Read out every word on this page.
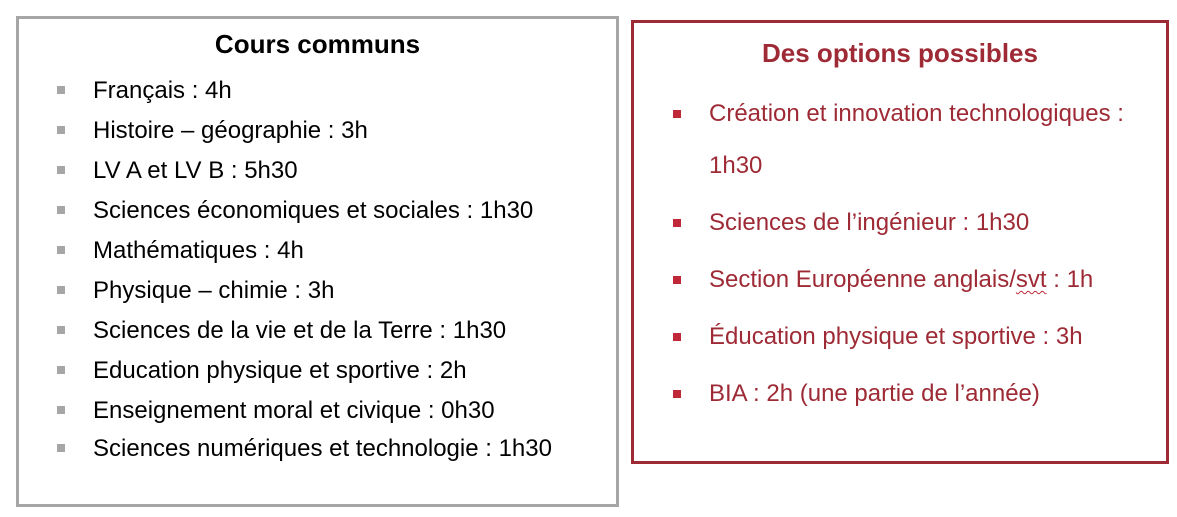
Cours communs
Français : 4h
Histoire – géographie : 3h
LV A et LV B : 5h30
Sciences économiques et sociales : 1h30
Mathématiques : 4h
Physique – chimie : 3h
Sciences de la vie et de la Terre : 1h30
Education physique et sportive : 2h
Enseignement moral et civique : 0h30
Sciences numériques et technologie : 1h30
Des options possibles
Création et innovation technologiques : 1h30
Sciences de l’ingénieur : 1h30
Section Européenne anglais/svt : 1h
Éducation physique et sportive : 3h
BIA : 2h (une partie de l’année)
